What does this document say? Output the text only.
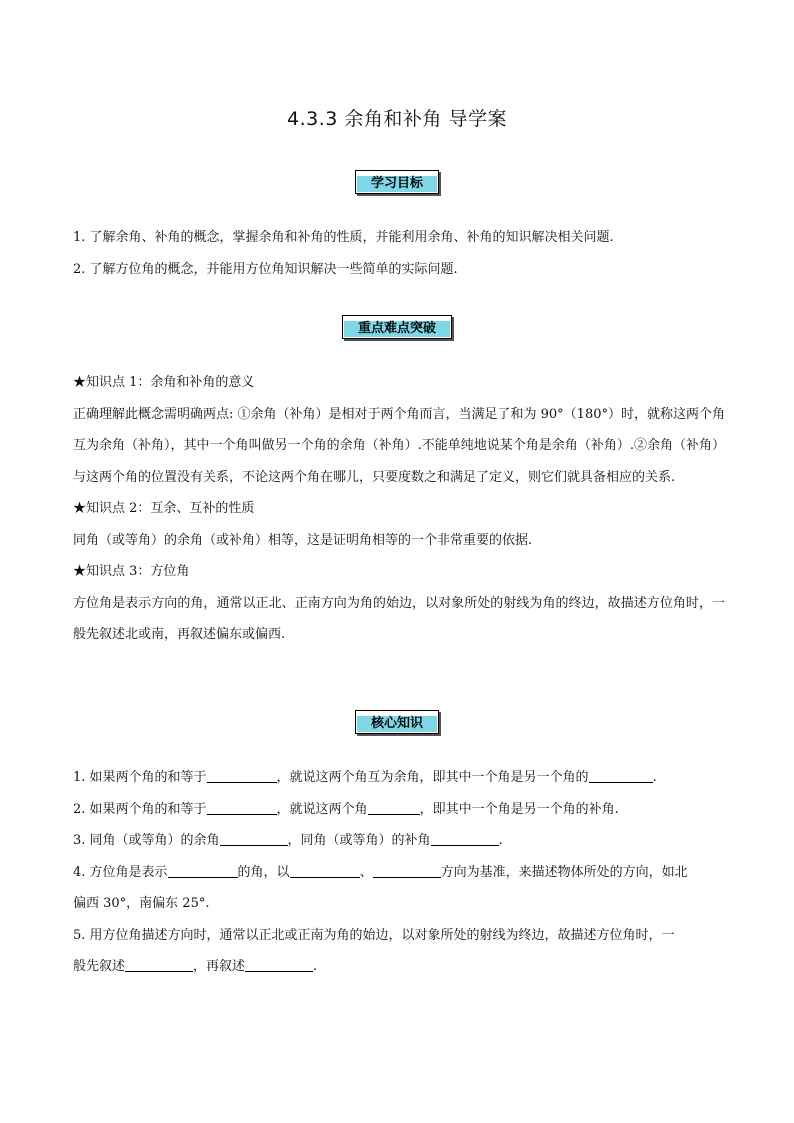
4.3.3 余角和补角 导学案
学习目标
1. 了解余角、补角的概念，掌握余角和补角的性质，并能利用余角、补角的知识解决相关问题.
2. 了解方位角的概念，并能用方位角知识解决一些简单的实际问题.
重点难点突破
★知识点 1：余角和补角的意义
正确理解此概念需明确两点: ①余角（补角）是相对于两个角而言，当满足了和为 90°（180°）时，就称这两个角互为余角（补角），其中一个角叫做另一个角的余角（补角）.不能单纯地说某个角是余角（补角）.②余角（补角）与这两个角的位置没有关系，不论这两个角在哪儿，只要度数之和满足了定义，则它们就具备相应的关系.
★知识点 2：互余、互补的性质
同角（或等角）的余角（或补角）相等，这是证明角相等的一个非常重要的依据.
★知识点 3：方位角
方位角是表示方向的角，通常以正北、正南方向为角的始边，以对象所处的射线为角的终边，故描述方位角时，一般先叙述北或南，再叙述偏东或偏西.
核心知识
1. 如果两个角的和等于	，就说这两个角互为余角，即其中一个角是另一个角的	.
2. 如果两个角的和等于	，就说这两个角	，即其中一个角是另一个角的补角.
3. 同角（或等角）的余角	，同角（或等角）的补角	.
4. 方位角是表示	的角，以	、	方向为基准，来描述物体所处的方向，如北
偏西 30°，南偏东 25°.
5. 用方位角描述方向时，通常以正北或正南为角的始边，以对象所处的射线为终边，故描述方位角时，一
般先叙述	，再叙述	.
